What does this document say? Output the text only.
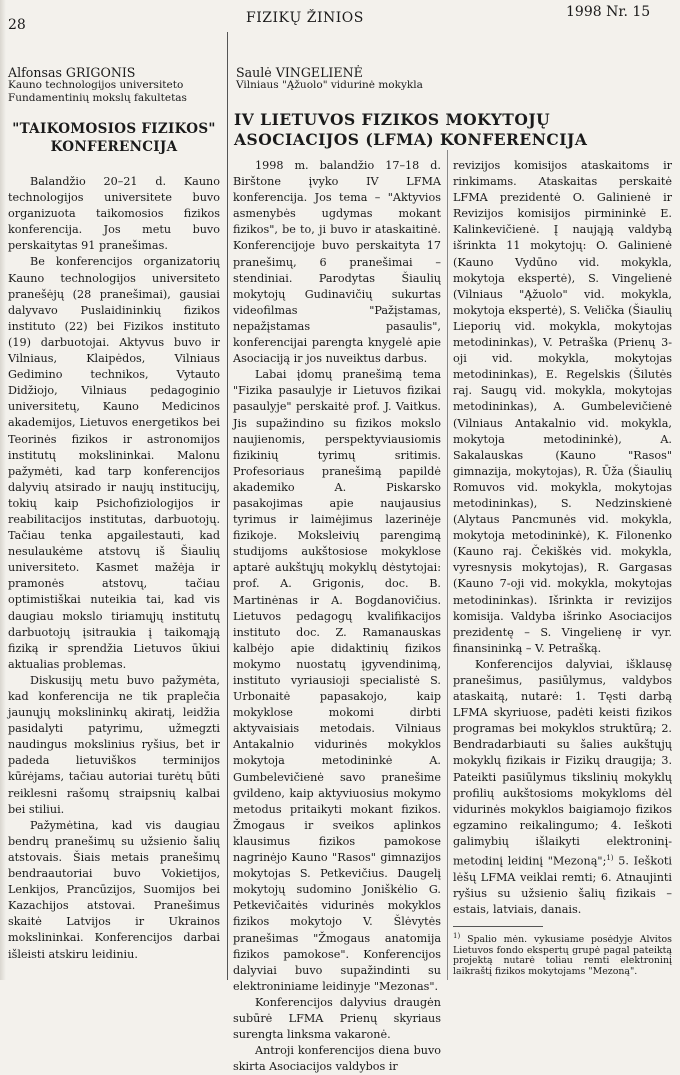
28	FIZIKŲ ŽINIOS	1998 Nr. 15

Alfonsas GRIGONIS

Kauno technologijos universiteto

Fundamentinių mokslų fakultetas

"TAIKOMOSIOS FIZIKOS"
KONFERENCIJA

Balandžio 20–21 d. Kauno technologijos universitete buvo organizuota taikomosios fizikos konferencija. Jos metu buvo perskaitytas 91 pranešimas.

Be konferencijos organizatorių Kauno technologijos universiteto pranešėjų (28 pranešimai), gausiai dalyvavo Puslaidininkių fizikos instituto (22) bei Fizikos instituto (19) darbuotojai. Aktyvus buvo ir Vilniaus, Klaipėdos, Vilniaus Gedimino technikos, Vytauto Didžiojo, Vilniaus pedagoginio universitetų, Kauno Medicinos akademijos, Lietuvos energetikos bei Teorinės fizikos ir astronomijos institutų mokslininkai. Malonu pažymėti, kad tarp konferencijos dalyvių atsirado ir naujų institucijų, tokių kaip Psichofiziologijos ir reabilitacijos institutas, darbuotojų. Tačiau tenka apgailestauti, kad nesulaukėme atstovų iš Šiaulių universiteto. Kasmet mažėja ir pramonės atstovų, tačiau optimistiškai nuteikia tai, kad vis daugiau mokslo tiriamųjų institutų darbuotojų įsitraukia į taikomąją fiziką ir sprendžia Lietuvos ūkiui aktualias problemas.

Diskusijų metu buvo pažymėta, kad konferencija ne tik praplečia jaunųjų mokslininkų akiratį, leidžia pasidalyti patyrimu, užmegzti naudingus mokslinius ryšius, bet ir padeda lietuviškos terminijos kūrėjams, tačiau autoriai turėtų būti reiklesni rašomų straipsnių kalbai bei stiliui.

Pažymėtina, kad vis daugiau bendrų pranešimų su užsienio šalių atstovais. Šiais metais pranešimų bendraautoriai buvo Vokietijos, Lenkijos, Prancūzijos, Suomijos bei Kazachijos atstovai. Pranešimus skaitė Latvijos ir Ukrainos mokslininkai. Konferencijos darbai išleisti atskiru leidiniu.

Saulė VINGELIENĖ

Vilniaus "Ąžuolo" vidurinė mokykla

IV LIETUVOS FIZIKOS MOKYTOJŲ
ASOCIACIJOS (LFMA) KONFERENCIJA

1998 m. balandžio 17–18 d. Birštone įvyko IV LFMA konferencija. Jos tema – "Aktyvios asmenybės ugdymas mokant fizikos", be to, ji buvo ir ataskaitinė. Konferencijoje buvo perskaityta 17 pranešimų, 6 pranešimai – stendiniai. Parodytas Šiaulių mokytojų Gudinavičių sukurtas videofilmas "Pažįstamas, nepažįstamas pasaulis", konferencijai parengta knygelė apie Asociaciją ir jos nuveiktus darbus.

Labai įdomų pranešimą tema "Fizika pasaulyje ir Lietuvos fizikai pasaulyje" perskaitė prof. J. Vaitkus. Jis supažindino su fizikos mokslo naujienomis, perspektyviausiomis fizikinių tyrimų sritimis. Profesoriaus pranešimą papildė akademiko A. Piskarsko pasakojimas apie naujausius tyrimus ir laimėjimus lazerinėje fizikoje. Moksleivių parengimą studijoms aukštosiose mokyklose aptarė aukštųjų mokyklų dėstytojai: prof. A. Grigonis, doc. B. Martinėnas ir A. Bogdanovičius. Lietuvos pedagogų kvalifikacijos instituto doc. Z. Ramanauskas kalbėjo apie didaktinių fizikos mokymo nuostatų įgyvendinimą, instituto vyriausioji specialistė S. Urbonaitė papasakojo, kaip mokyklose mokomi dirbti aktyvaisiais metodais. Vilniaus Antakalnio vidurinės mokyklos mokytoja metodininkė A. Gumbelevičienė savo pranešime gvildeno, kaip aktyviuosius mokymo metodus pritaikyti mokant fizikos. Žmogaus ir sveikos aplinkos klausimus fizikos pamokose nagrinėjo Kauno "Rasos" gimnazijos mokytojas S. Petkevičius. Daugelį mokytojų sudomino Joniškėlio G. Petkevičaitės vidurinės mokyklos fizikos mokytojo V. Šlėvytės pranešimas "Žmogaus anatomija fizikos pamokose". Konferencijos dalyviai buvo supažindinti su elektroniniame leidinyje "Mezonas".

Konferencijos dalyvius draugėn subūrė LFMA Prienų skyriaus surengta linksma vakaronė.

Antroji konferencijos diena buvo skirta Asociacijos valdybos ir

revizijos komisijos ataskaitoms ir rinkimams. Ataskaitas perskaitė LFMA prezidentė O. Galinienė ir Revizijos komisijos pirmininkė E. Kalinkevičienė. Į naująją valdybą išrinkta 11 mokytojų: O. Galinienė (Kauno Vydūno vid. mokykla, mokytoja ekspertė), S. Vingelienė (Vilniaus "Ąžuolo" vid. mokykla, mokytoja ekspertė), S. Velička (Šiaulių Lieporių vid. mokykla, mokytojas metodininkas), V. Petraška (Prienų 3-oji vid. mokykla, mokytojas metodininkas), E. Regelskis (Šilutės raj. Saugų vid. mokykla, mokytojas metodininkas), A. Gumbelevičienė (Vilniaus Antakalnio vid. mokykla, mokytoja metodininkė), A. Sakalauskas (Kauno "Rasos" gimnazija, mokytojas), R. Ūža (Šiaulių Romuvos vid. mokykla, mokytojas metodininkas), S. Nedzinskienė (Alytaus Pancmunės vid. mokykla, mokytoja metodininkė), K. Filonenko (Kauno raj. Čekiškės vid. mokykla, vyresnysis mokytojas), R. Gargasas (Kauno 7-oji vid. mokykla, mokytojas metodininkas). Išrinkta ir revizijos komisija. Valdyba išrinko Asociacijos prezidentę – S. Vingelienę ir vyr. finansininką – V. Petrašką.

Konferencijos dalyviai, išklausę pranešimus, pasiūlymus, valdybos ataskaitą, nutarė: 1. Tęsti darbą LFMA skyriuose, padėti keisti fizikos programas bei mokyklos struktūrą; 2. Bendradarbiauti su šalies aukštųjų mokyklų fizikais ir Fizikų draugija; 3. Pateikti pasiūlymus tikslinių mokyklų profilių aukštosioms mokykloms dėl vidurinės mokyklos baigiamojo fizikos egzamino reikalingumo; 4. Ieškoti galimybių išlaikyti elektroninį-metodinį leidinį "Mezoną";$^{1)}$ 5. Ieškoti lėšų LFMA veiklai remti; 6. Atnaujinti ryšius su užsienio šalių fizikais – estais, latviais, danais.

$^{1)}$ Spalio mėn. vykusiame posėdyje Alvitos Lietuvos fondo ekspertų grupė pagal pateiktą projektą nutarė toliau remti elektroninį laikraštį fizikos mokytojams "Mezoną".
